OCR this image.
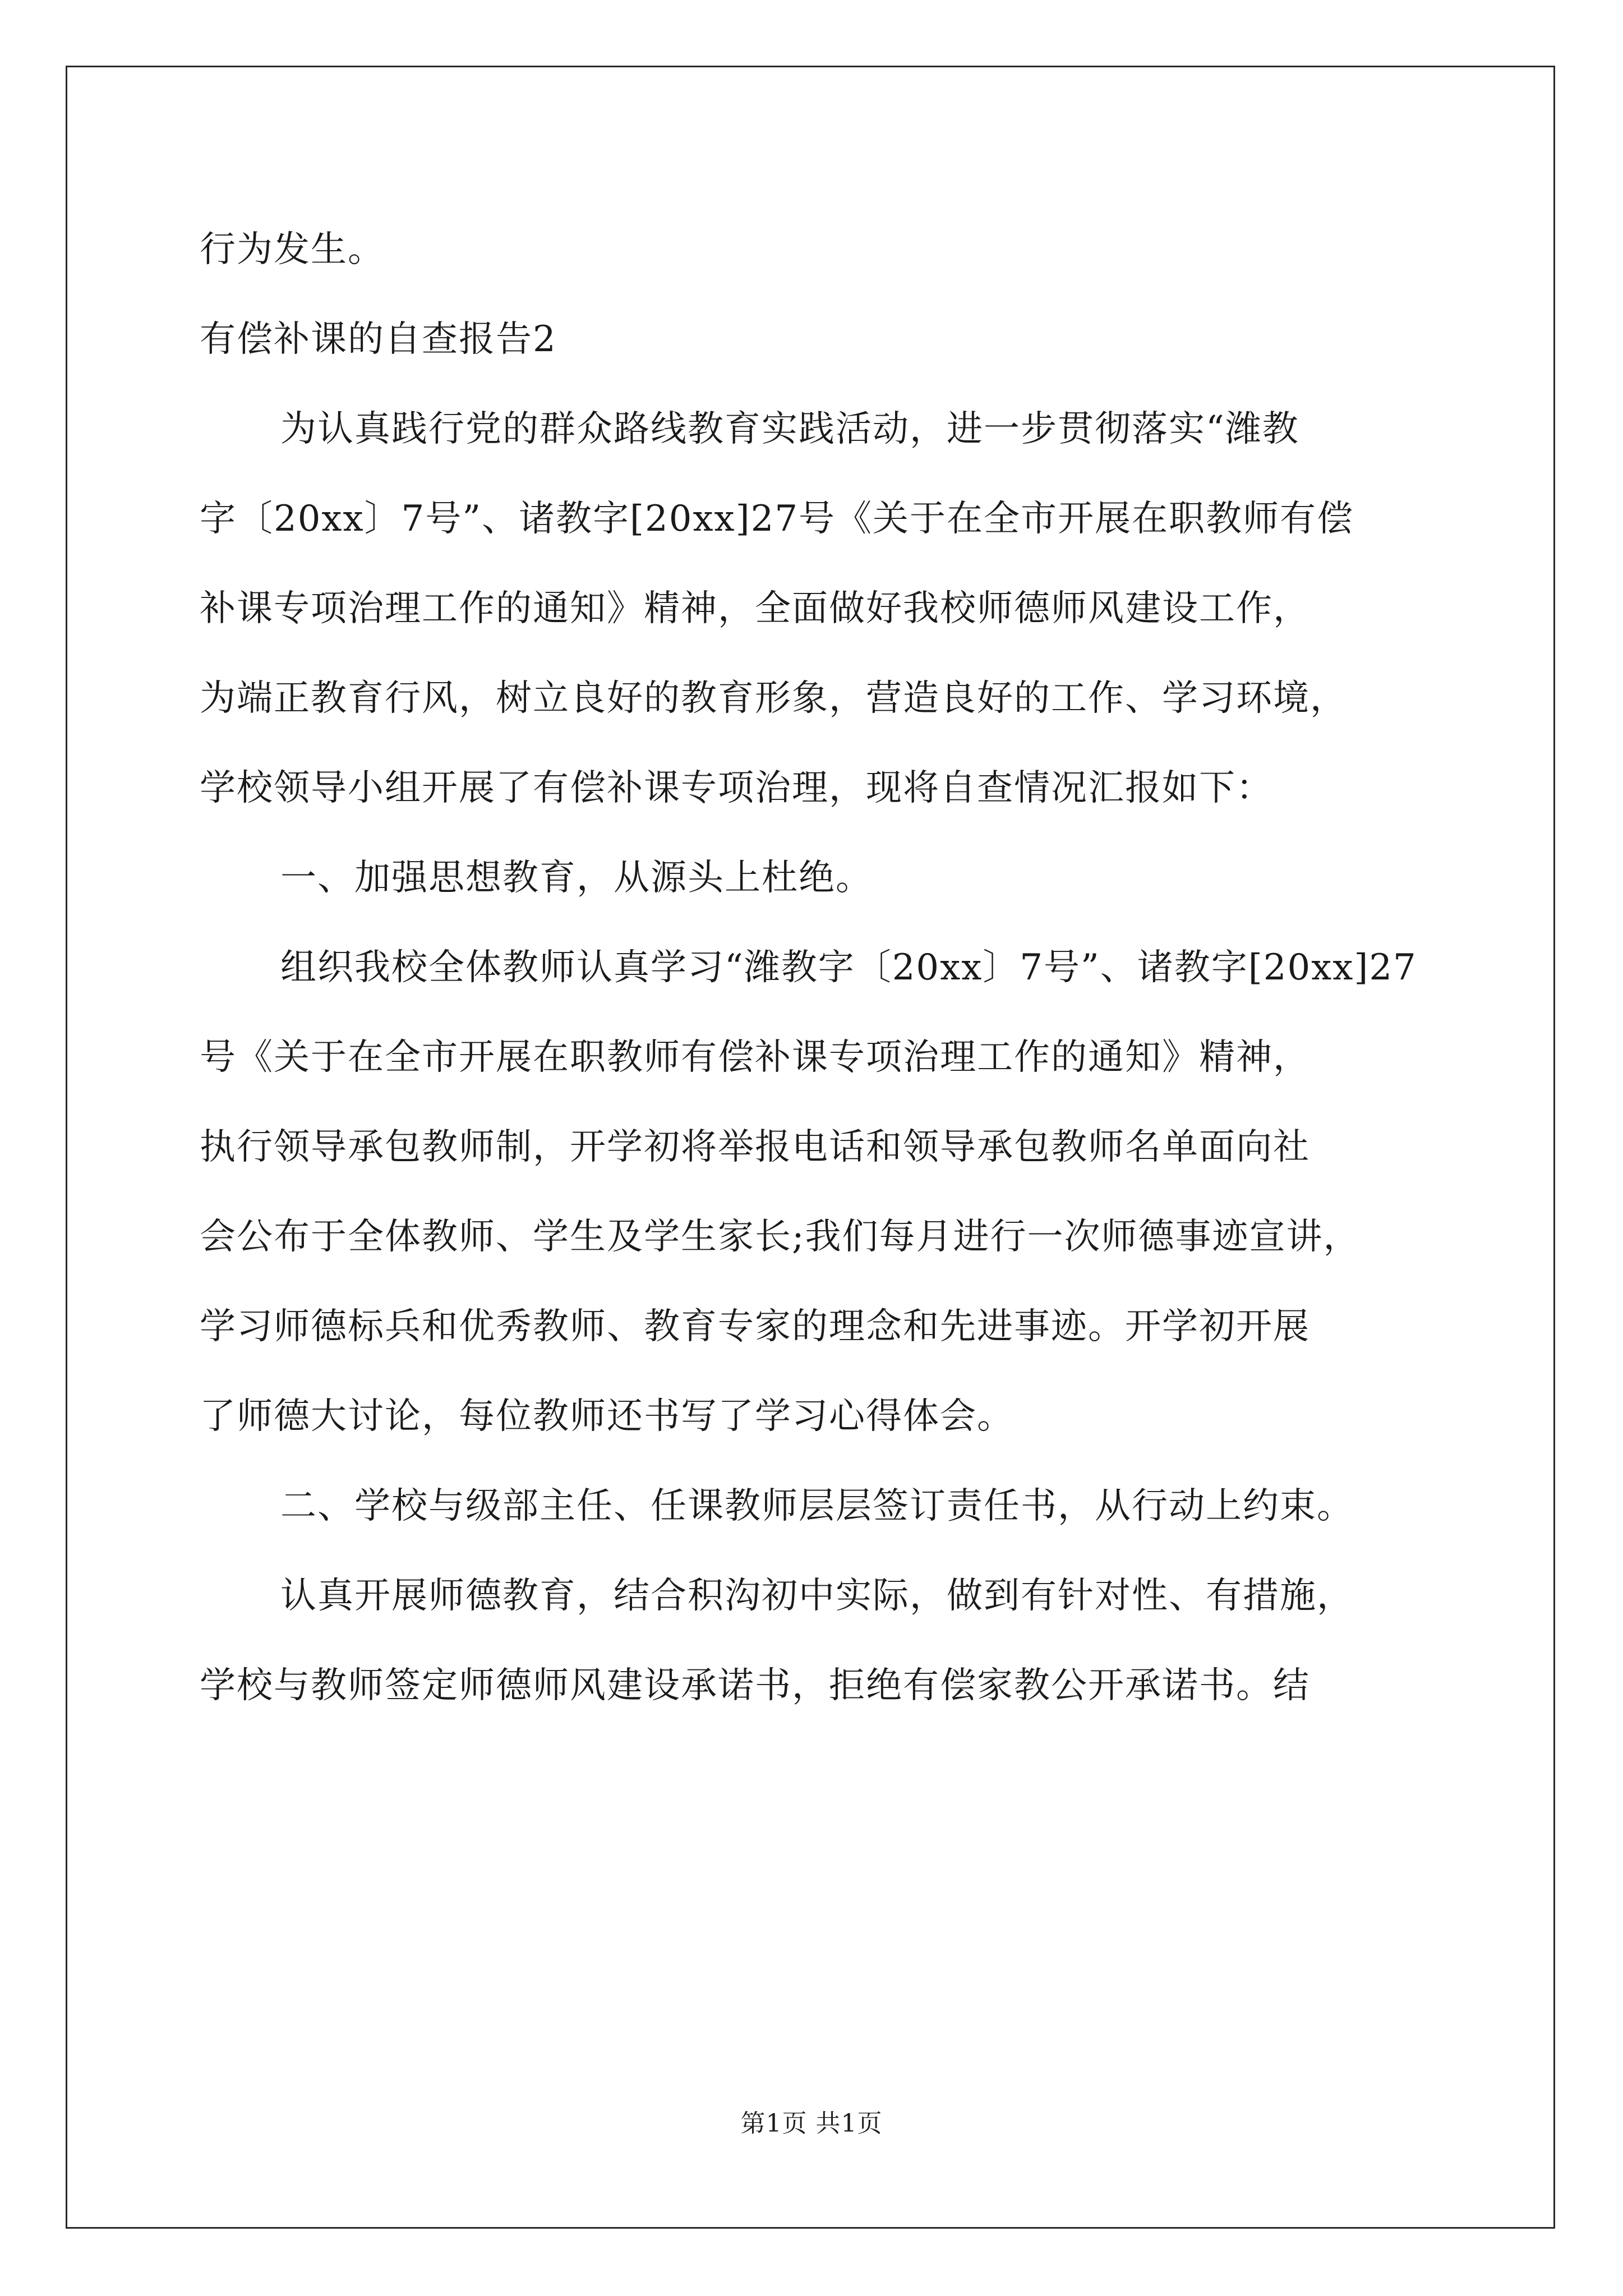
行为发生。
有偿补课的自查报告2
为认真践行党的群众路线教育实践活动，进一步贯彻落实“潍教
字〔20xx〕7号”、诸教字[20xx]27号《关于在全市开展在职教师有偿
补课专项治理工作的通知》精神，全面做好我校师德师风建设工作，
为端正教育行风，树立良好的教育形象，营造良好的工作、学习环境，
学校领导小组开展了有偿补课专项治理，现将自查情况汇报如下：
一、加强思想教育，从源头上杜绝。
组织我校全体教师认真学习“潍教字〔20xx〕7号”、诸教字[20xx]27
号《关于在全市开展在职教师有偿补课专项治理工作的通知》精神，
执行领导承包教师制，开学初将举报电话和领导承包教师名单面向社
会公布于全体教师、学生及学生家长;我们每月进行一次师德事迹宣讲，
学习师德标兵和优秀教师、教育专家的理念和先进事迹。开学初开展
了师德大讨论，每位教师还书写了学习心得体会。
二、学校与级部主任、任课教师层层签订责任书，从行动上约束。
认真开展师德教育，结合积沟初中实际，做到有针对性、有措施，
学校与教师签定师德师风建设承诺书，拒绝有偿家教公开承诺书。结
第1页 共1页
